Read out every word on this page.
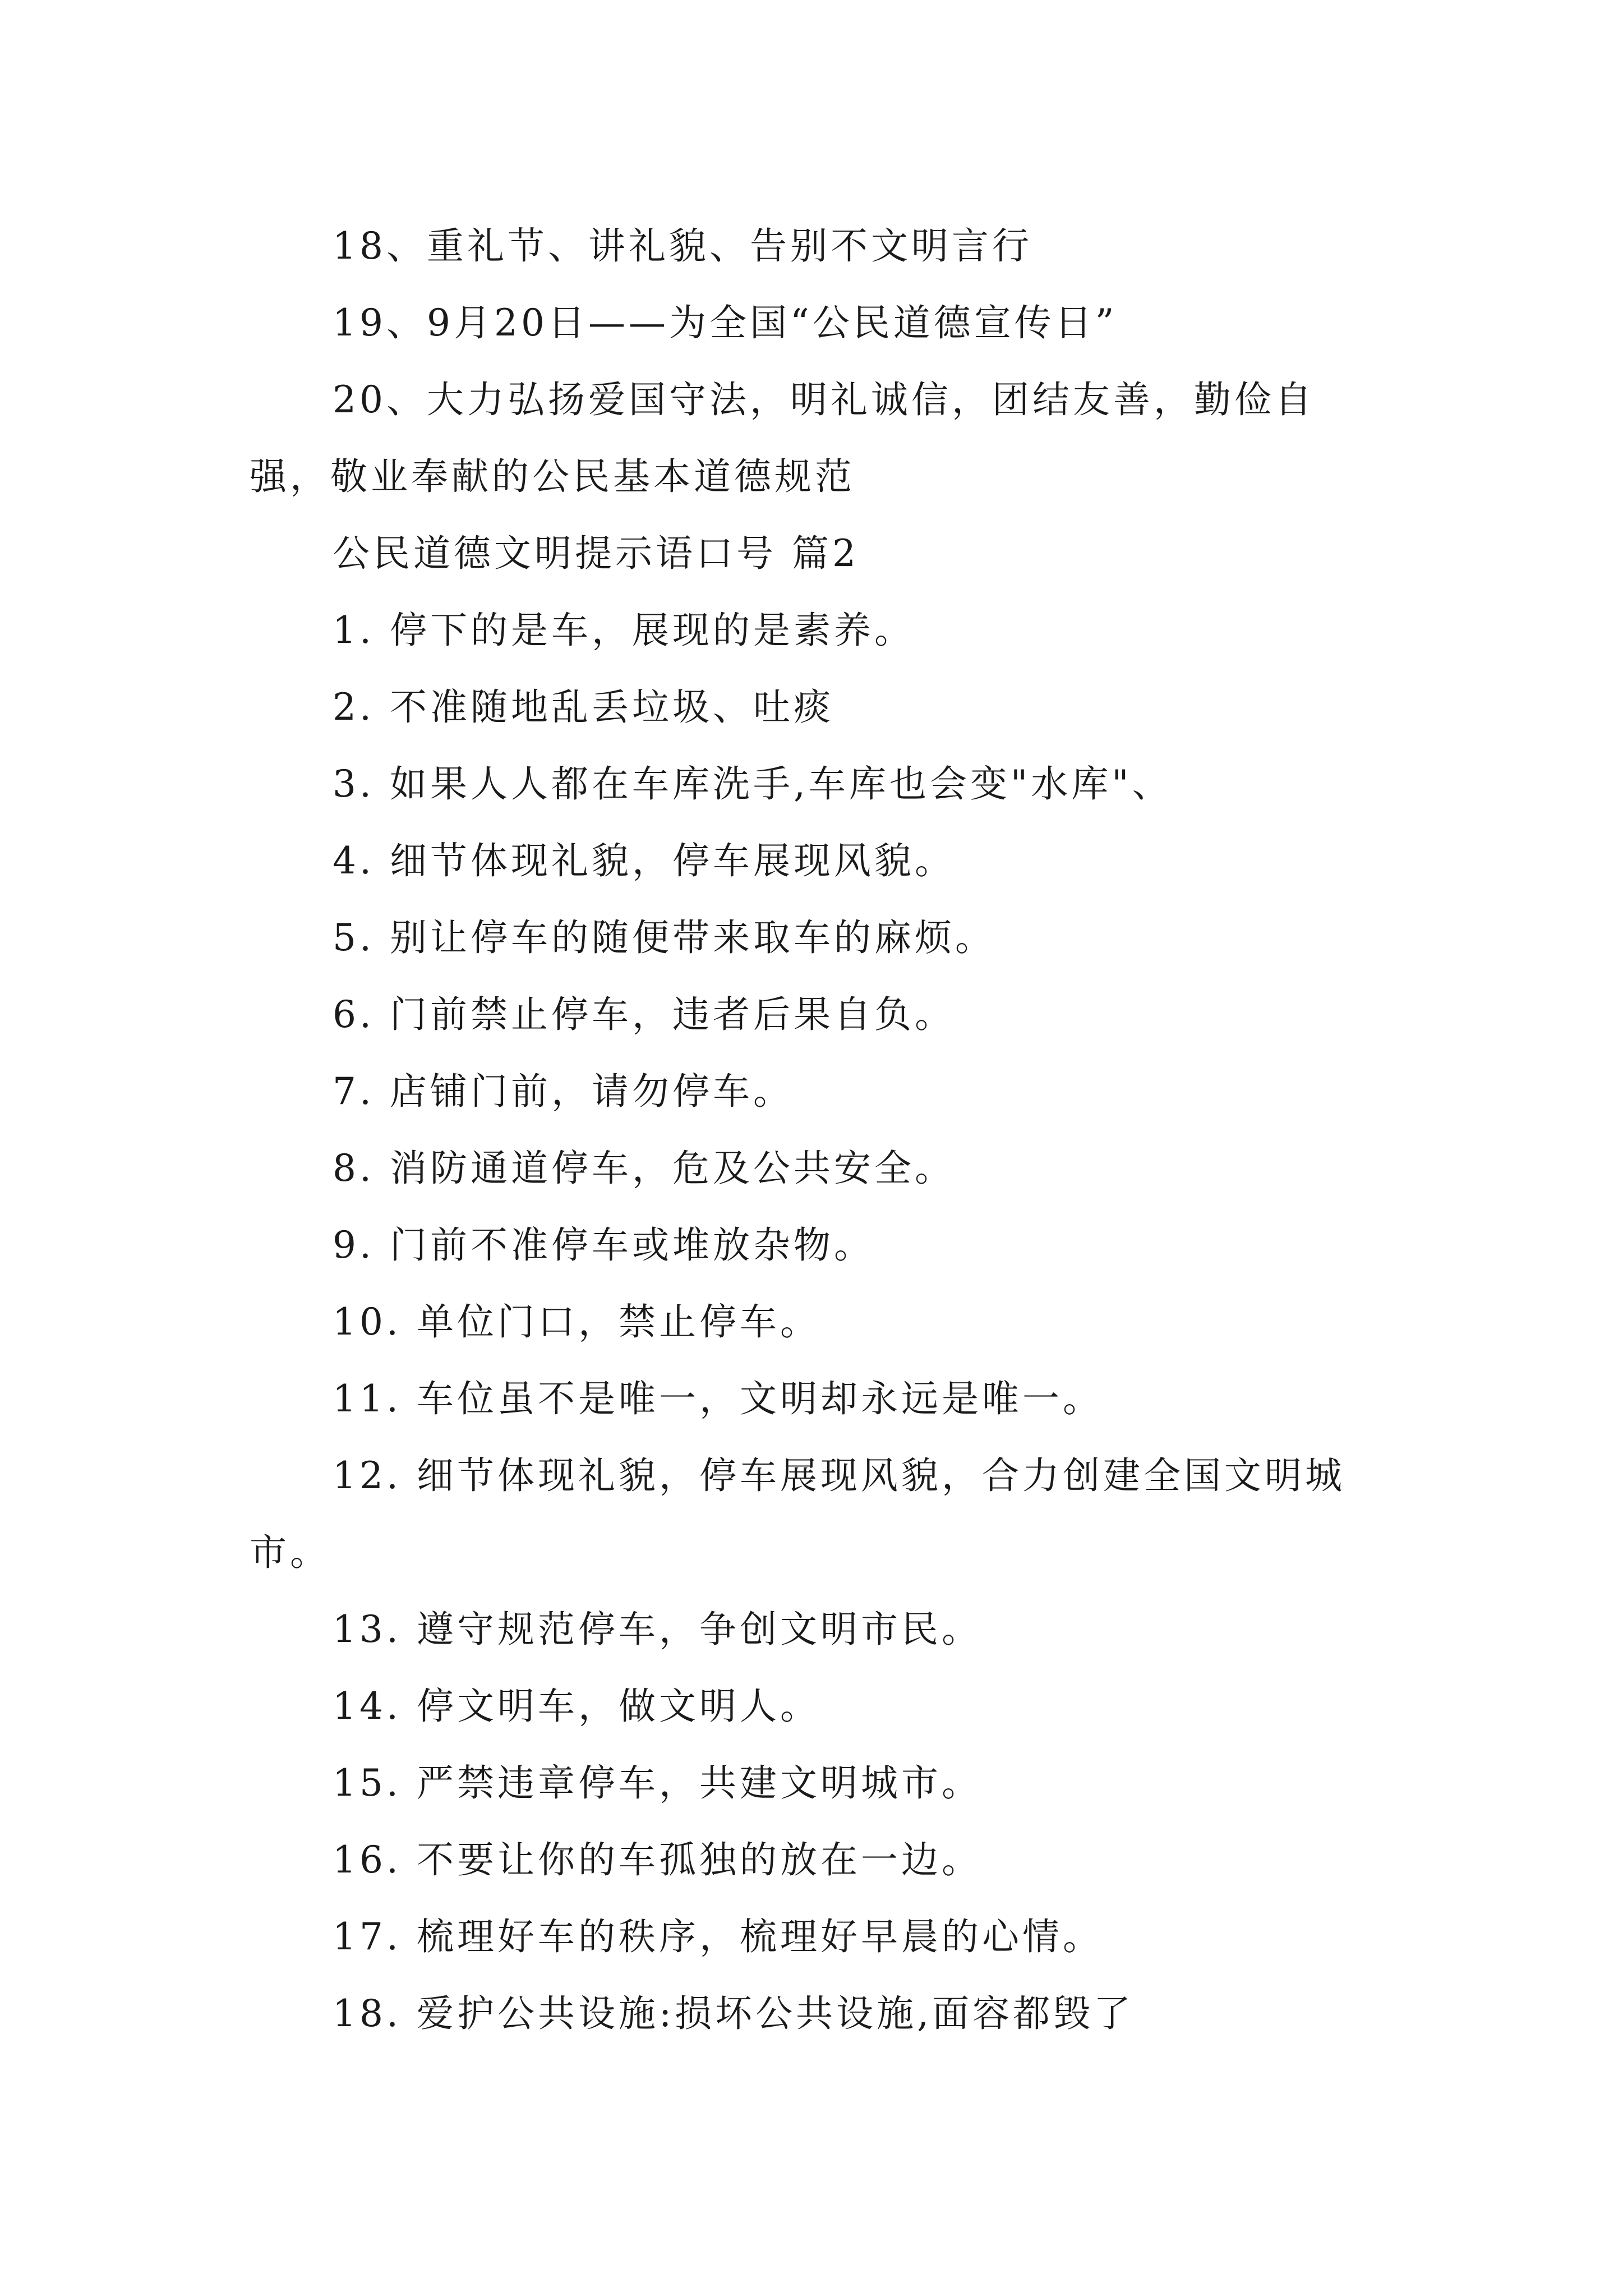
18、重礼节、讲礼貌、告别不文明言行

19、9月20日——为全国“公民道德宣传日”

20、大力弘扬爱国守法，明礼诚信，团结友善，勤俭自强，敬业奉献的公民基本道德规范

公民道德文明提示语口号 篇2

1. 停下的是车，展现的是素养。

2. 不准随地乱丢垃圾、吐痰

3. 如果人人都在车库洗手,车库也会变"水库"、

4. 细节体现礼貌，停车展现风貌。

5. 别让停车的随便带来取车的麻烦。

6. 门前禁止停车，违者后果自负。

7. 店铺门前，请勿停车。

8. 消防通道停车，危及公共安全。

9. 门前不准停车或堆放杂物。

10. 单位门口，禁止停车。

11. 车位虽不是唯一，文明却永远是唯一。

12. 细节体现礼貌，停车展现风貌，合力创建全国文明城市。

13. 遵守规范停车，争创文明市民。

14. 停文明车，做文明人。

15. 严禁违章停车，共建文明城市。

16. 不要让你的车孤独的放在一边。

17. 梳理好车的秩序，梳理好早晨的心情。

18. 爱护公共设施:损坏公共设施,面容都毁了
